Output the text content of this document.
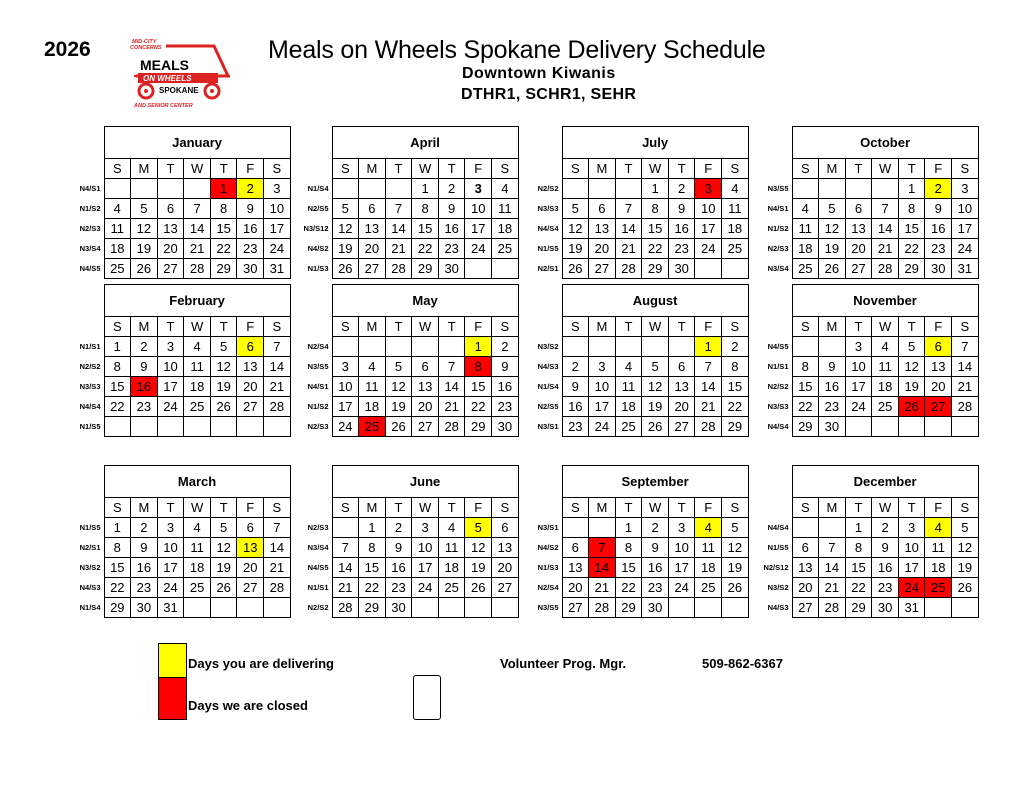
2026	MID-CITY
CONCERNS
MEALS
ON WHEELS
SPOKANE
AND SENIOR CENTER
Meals on Wheels Spokane Delivery Schedule
Downtown Kiwanis
DTHR1, SCHR1, SEHR
	January						
	S	M	T	W	T	F	S
N4/S1					1	2	3
N1/S2	4	5	6	7	8	9	10
N2/S3	11	12	13	14	15	16	17
N3/S4	18	19	20	21	22	23	24
N4/S5	25	26	27	28	29	30	31
	April						
	S	M	T	W	T	F	S
N1/S4				1	2	3	4
N2/S5	5	6	7	8	9	10	11
N3/S12	12	13	14	15	16	17	18
N4/S2	19	20	21	22	23	24	25
N1/S3	26	27	28	29	30		
	July						
	S	M	T	W	T	F	S
N2/S2				1	2	3	4
N3/S3	5	6	7	8	9	10	11
N4/S4	12	13	14	15	16	17	18
N1/S5	19	20	21	22	23	24	25
N2/S1	26	27	28	29	30		
	October						
	S	M	T	W	T	F	S
N3/S5					1	2	3
N4/S1	4	5	6	7	8	9	10
N1/S2	11	12	13	14	15	16	17
N2/S3	18	19	20	21	22	23	24
N3/S4	25	26	27	28	29	30	31
	February						
	S	M	T	W	T	F	S
N1/S1	1	2	3	4	5	6	7
N2/S2	8	9	10	11	12	13	14
N3/S3	15	16	17	18	19	20	21
N4/S4	22	23	24	25	26	27	28
N1/S5							
	May						
	S	M	T	W	T	F	S
N2/S4						1	2
N3/S5	3	4	5	6	7	8	9
N4/S1	10	11	12	13	14	15	16
N1/S2	17	18	19	20	21	22	23
N2/S3	24	25	26	27	28	29	30
	August						
	S	M	T	W	T	F	S
N3/S2						1	2
N4/S3	2	3	4	5	6	7	8
N1/S4	9	10	11	12	13	14	15
N2/S5	16	17	18	19	20	21	22
N3/S1	23	24	25	26	27	28	29
	November						
	S	M	T	W	T	F	S
N4/S5			3	4	5	6	7
N1/S1	8	9	10	11	12	13	14
N2/S2	15	16	17	18	19	20	21
N3/S3	22	23	24	25	26	27	28
N4/S4	29	30					
	March						
	S	M	T	W	T	F	S
N1/S5	1	2	3	4	5	6	7
N2/S1	8	9	10	11	12	13	14
N3/S2	15	16	17	18	19	20	21
N4/S3	22	23	24	25	26	27	28
N1/S4	29	30	31				
	June						
	S	M	T	W	T	F	S
N2/S3		1	2	3	4	5	6
N3/S4	7	8	9	10	11	12	13
N4/S5	14	15	16	17	18	19	20
N1/S1	21	22	23	24	25	26	27
N2/S2	28	29	30				
	September						
	S	M	T	W	T	F	S
N3/S1			1	2	3	4	5
N4/S2	6	7	8	9	10	11	12
N1/S3	13	14	15	16	17	18	19
N2/S4	20	21	22	23	24	25	26
N3/S5	27	28	29	30			
	December						
	S	M	T	W	T	F	S
N4/S4			1	2	3	4	5
N1/S5	6	7	8	9	10	11	12
N2/S12	13	14	15	16	17	18	19
N3/S2	20	21	22	23	24	25	26
N4/S3	27	28	29	30	31		
Days you are delivering
Days we are closed
Volunteer Prog. Mgr.	509-862-6367
